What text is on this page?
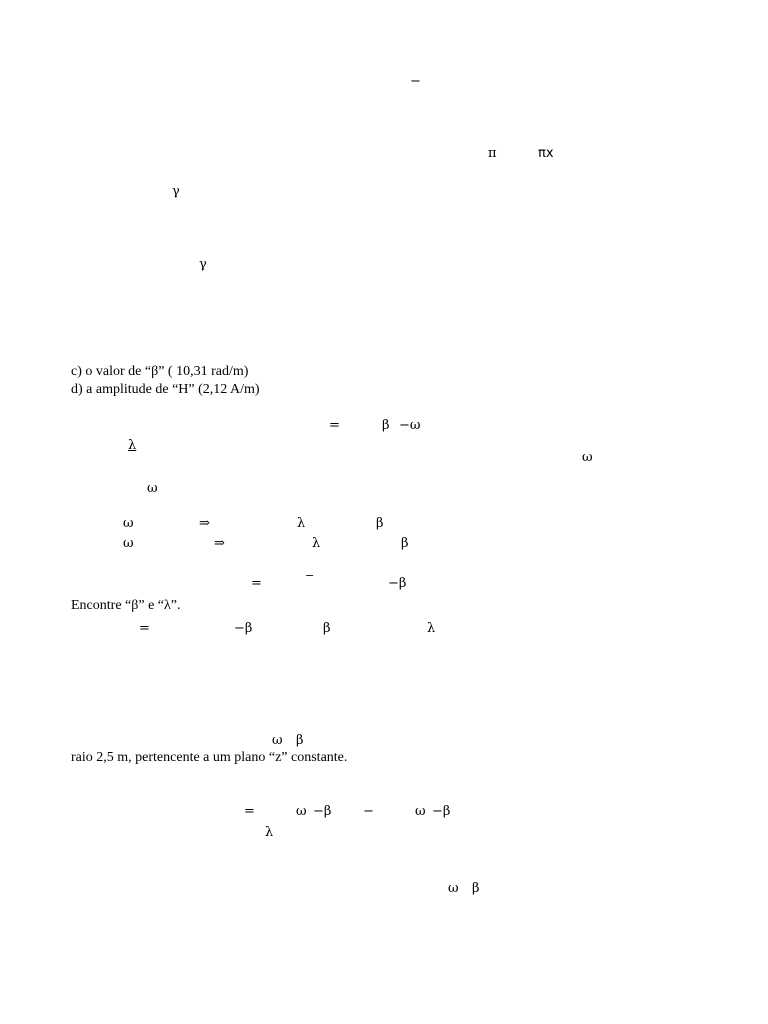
−
π	πx
γ
γ
c) o valor de “β” ( 10,31 rad/m)
d) a amplitude de “H” (2,12 A/m)
=	β −ω
λ
ω
ω
ω	⇒	λ	β
ω	⇒	λ	β
−
=	−β
Encontre “β” e “λ”.
=	−β	β	λ
ω β
raio 2,5 m, pertencente a um plano “z” constante.
=	ω −β −	ω −β
λ
ω β
